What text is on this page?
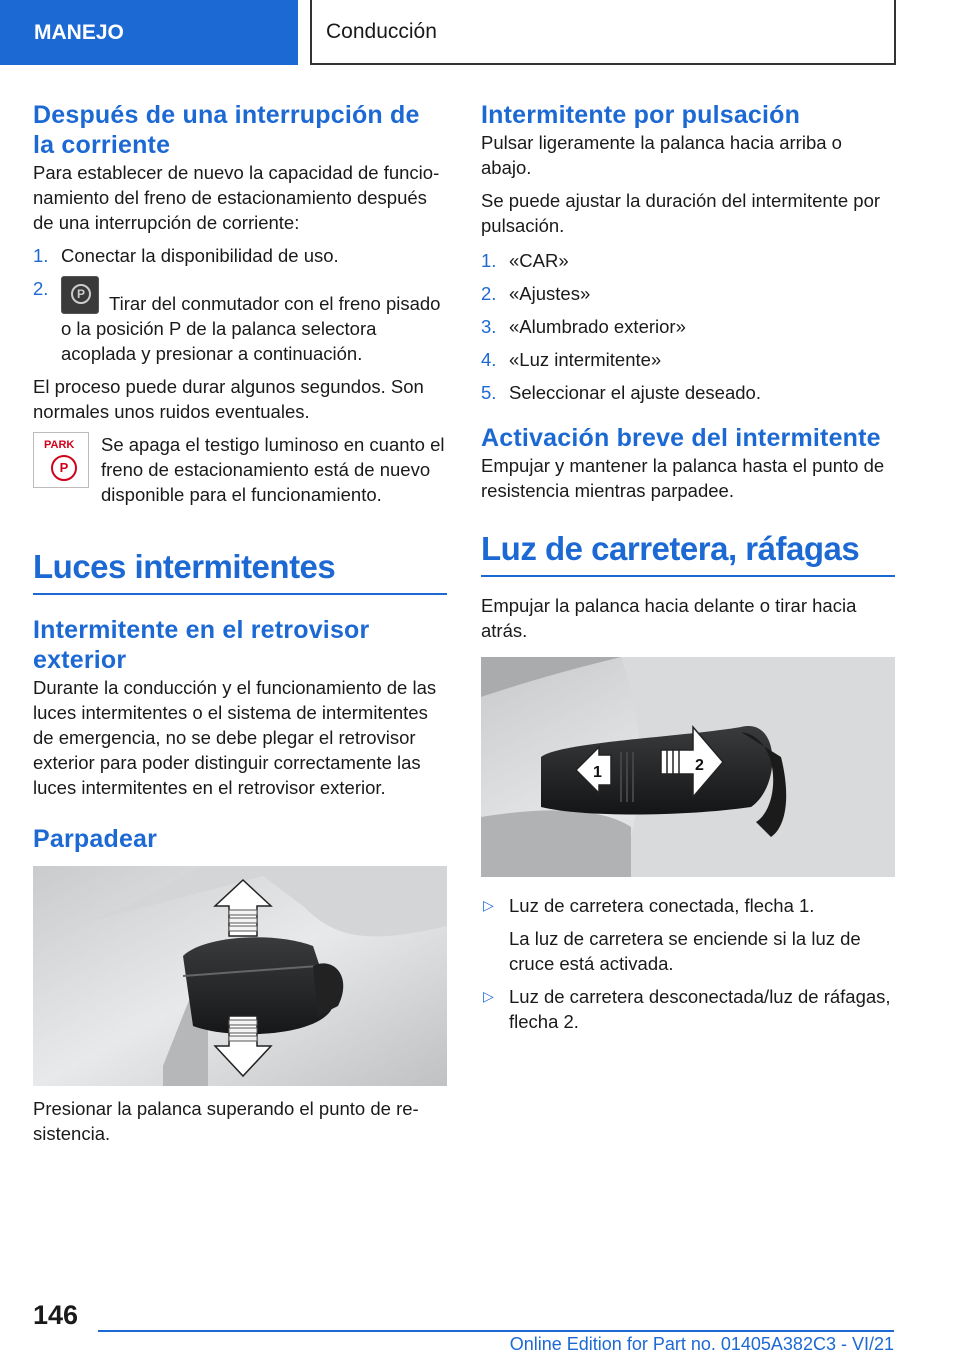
MANEJO	Conducción
Después de una interrupción de la corriente

Para establecer de nuevo la capacidad de funcionamiento del freno de estacionamiento después de una interrupción de corriente:

1. Conectar la disponibilidad de uso.
2.
PTirar del conmutador con el freno pisado o la posición P de la palanca selectora acoplada y presionar a continuación.

El proceso puede durar algunos segundos. Son normales unos ruidos eventuales.

PARK
P
Se apaga el testigo luminoso en cuanto el freno de estacionamiento está de nuevo disponible para el funcionamiento.
Luces intermitentes
Intermitente en el retrovisor exterior

Durante la conducción y el funcionamiento de las luces intermitentes o el sistema de intermitentes de emergencia, no se debe plegar el retrovisor exterior para poder distinguir correctamente las luces intermitentes en el retrovisor exterior.

Parpadear

Presionar la palanca superando el punto de resistencia.

Intermitente por pulsación

Pulsar ligeramente la palanca hacia arriba o abajo.

Se puede ajustar la duración del intermitente por pulsación.

1. «CAR»
2. «Ajustes»
3. «Alumbrado exterior»
4. «Luz intermitente»
5. Seleccionar el ajuste deseado.
Activación breve del intermitente

Empujar y mantener la palanca hasta el punto de resistencia mientras parpadee.

Luz de carretera, ráfagas

Empujar la palanca hacia delante o tirar hacia atrás.

1	2
▷ Luz de carretera conectada, flecha 1.

La luz de carretera se enciende si la luz de cruce está activada.

▷ Luz de carretera desconectada/luz de ráfagas, flecha 2.
146
Online Edition for Part no. 01405A382C3 - VI/21
